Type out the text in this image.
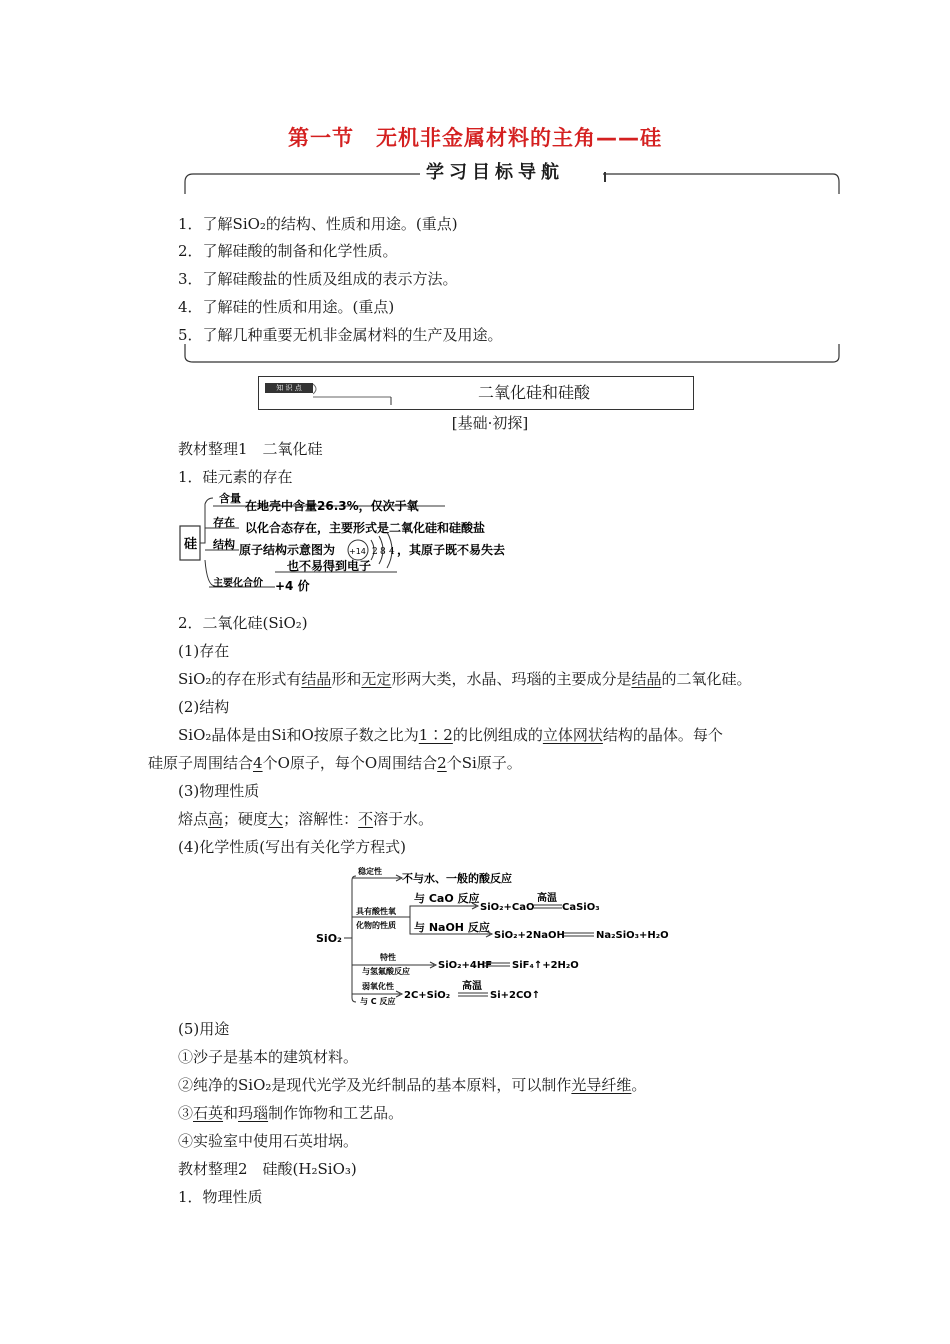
第一节　无机非金属材料的主角——硅
学习目标导航
1．了解SiO₂的结构、性质和用途。(重点)
2．了解硅酸的制备和化学性质。
3．了解硅酸盐的性质及组成的表示方法。
4．了解硅的性质和用途。(重点)
5．了解几种重要无机非金属材料的生产及用途。
知 识 点	二氧化硅和硅酸
[基础·初探]
教材整理1　二氧化硅
1．硅元素的存在
硅
含量
存在
结构
主要化合价
在地壳中含量26.3%，仅次于氧
以化合态存在，主要形式是二氧化硅和硅酸盐
原子结构示意图为 +14 2 8 4 ，其原子既不易失去
也不易得到电子
+4 价
2．二氧化硅(SiO₂)
(1)存在
SiO₂的存在形式有结晶形和无定形两大类，水晶、玛瑙的主要成分是结晶的二氧化硅。
(2)结构
SiO₂晶体是由Si和O按原子数之比为1∶2的比例组成的立体网状结构的晶体。每个
硅原子周围结合4个O原子，每个O周围结合2个Si原子。
(3)物理性质
熔点高；硬度大；溶解性：不溶于水。
(4)化学性质(写出有关化学方程式)
SiO₂
稳定性
不与水、一般的酸反应
具有酸性氧
化物的性质
与 CaO 反应
SiO₂+CaO
高温
CaSiO₃
与 NaOH 反应
SiO₂+2NaOH	Na₂SiO₃+H₂O
特性
与氢氟酸反应
SiO₂+4HF SiF₄↑+2H₂O
弱氧化性
与 C 反应
2C+SiO₂
高温
Si+2CO↑
(5)用途
①沙子是基本的建筑材料。
②纯净的SiO₂是现代光学及光纤制品的基本原料，可以制作光导纤维。
③石英和玛瑙制作饰物和工艺品。
④实验室中使用石英坩埚。
教材整理2　硅酸(H₂SiO₃)
1．物理性质
